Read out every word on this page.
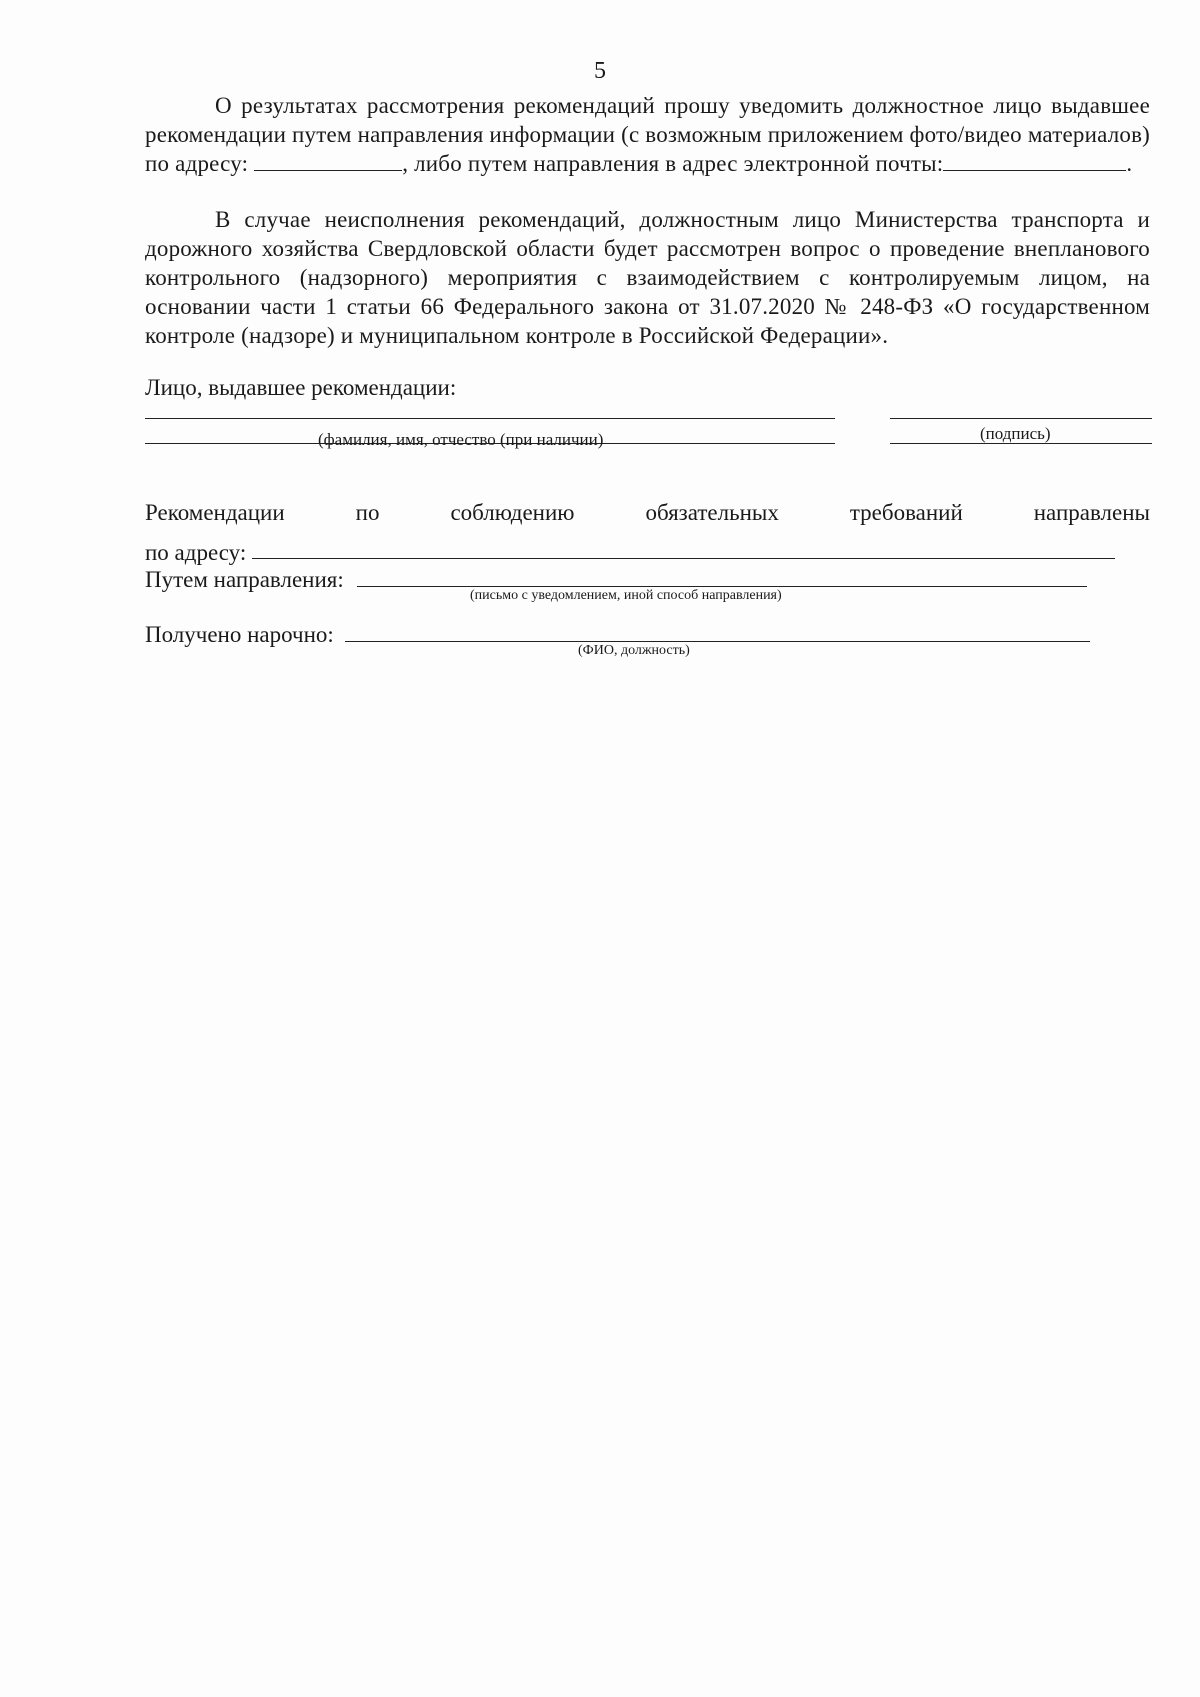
5
О результатах рассмотрения рекомендаций прошу уведомить должностное лицо выдавшее рекомендации путем направления информации (с возможным приложением фото/видео материалов) по адресу:	, либо путем направления в адрес электронной почты:	.
В случае неисполнения рекомендаций, должностным лицо Министерства транспорта и дорожного хозяйства Свердловской области будет рассмотрен вопрос о проведение внепланового контрольного (надзорного) мероприятия с взаимодействием с контролируемым лицом, на основании части 1 статьи 66 Федерального закона от 31.07.2020 № 248-ФЗ «О государственном контроле (надзоре) и муниципальном контроле в Российской Федерации».
Лицо, выдавшее рекомендации:
(фамилия, имя, отчество (при наличии)	(подпись)
Рекомендации	по	соблюдению	обязательных	требований	направлены
по адресу:
Путем направления:
(письмо с уведомлением, иной способ направления)
Получено нарочно:
(ФИО, должность)
